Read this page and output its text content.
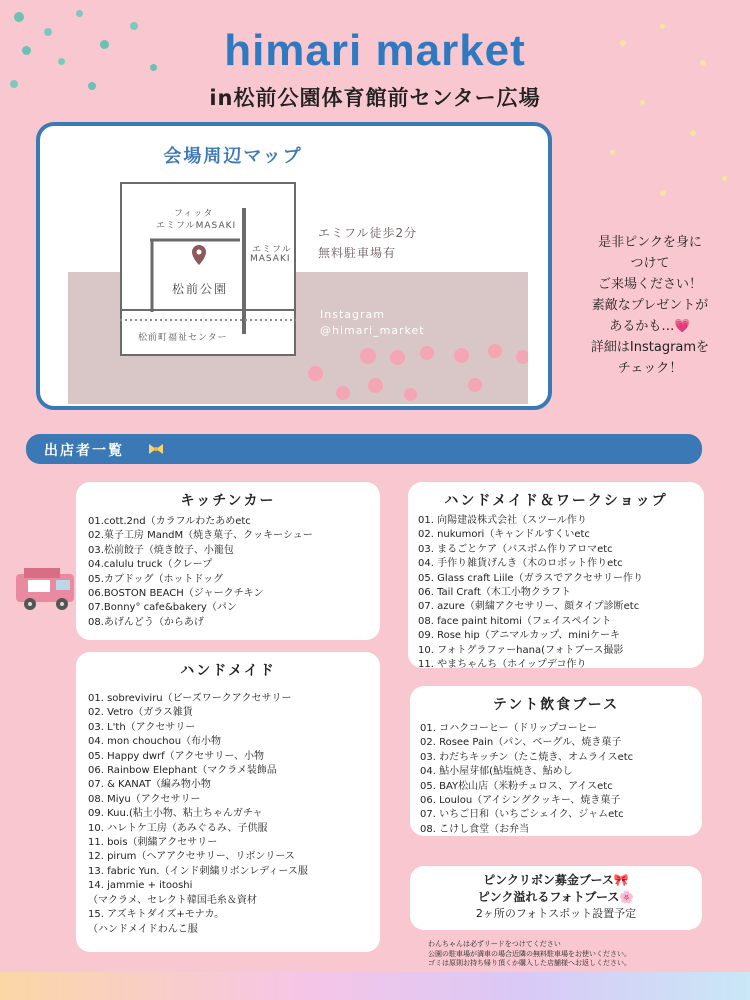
himari market
in松前公園体育館前センター広場
会場周辺マップ
フィッタ
エミフルMASAKI
エミフル
MASAKI
松前公園
松前町福祉センター
エミフル徒歩2分
無料駐車場有
Instagram
@himari_market
是非ピンクを身に
つけて
ご来場ください！
素敵なプレゼントが
あるかも…💗
詳細はInstagramを
チェック！
出店者一覧
キッチンカー
01.cott.2nd（カラフルわたあめetc
02.菓子工房 MandM（焼き菓子、クッキーシュー
03.松前餃子（焼き餃子、小籠包
04.calulu truck（クレープ
05.カブドッグ（ホットドッグ
06.BOSTON BEACH（ジャークチキン
07.Bonny° cafe&bakery（パン
08.あげんどう（からあげ
ハンドメイド
01. sobreviviru（ビーズワークアクセサリー
02. Vetro（ガラス雑貨
03. L'th（アクセサリー
04. mon chouchou（布小物
05. Happy dwrf（アクセサリー、小物
06. Rainbow Elephant（マクラメ装飾品
07. & KANAT（編み物小物
08. Miyu（アクセサリー
09. Kuu.(粘土小物、粘土ちゃんガチャ
10. ハレトケ工房（あみぐるみ、子供服
11. bois（刺繍アクセサリー
12. pirum（ヘアアクセサリー、リボンリース
13. fabric Yun.（インド刺繍リボンレディース服
14. jammie + itooshi
（マクラメ、セレクト韓国毛糸＆資材
15. アズキトダイズ+モナカ。
（ハンドメイドわんこ服
ハンドメイド＆ワークショップ
01. 向陽建設株式会社（スツール作り
02. nukumori（キャンドルすくいetc
03. まるごとケア（バスボム作りアロマetc
04. 手作り雑貨げんき（木のロボット作りetc
05. Glass craft Liile（ガラスでアクセサリー作り
06. Tail Craft（木工小物クラフト
07. azure（刺繍アクセサリー、顔タイプ診断etc
08. face paint hitomi（フェイスペイント
09. Rose hip（アニマルカップ、miniケーキ
10. フォトグラファーhana(フォトブース撮影
11. やまちゃんち（ホイップデコ作り
テント飲食ブース
01. コハクコーヒー（ドリップコーヒー
02. Rosee Pain（パン、ベーグル、焼き菓子
03. わだちキッチン（たこ焼き、オムライスetc
04. 鮎小屋芽郁(鮎塩焼き、鮎めし
05. BAY松山店（米粉チュロス、アイスetc
06. Loulou（アイシングクッキー、焼き菓子
07. いちご日和（いちごシェイク、ジャムetc
08. こけし食堂（お弁当
ピンクリボン募金ブース🎀
ピンク溢れるフォトブース🌸
2ヶ所のフォトスポット設置予定
わんちゃんは必ずリードをつけてください
公園の駐車場が満車の場合近隣の無料駐車場をお使いください。
ゴミは原則お持ち帰り頂くか購入した店舗様へお返しください。
